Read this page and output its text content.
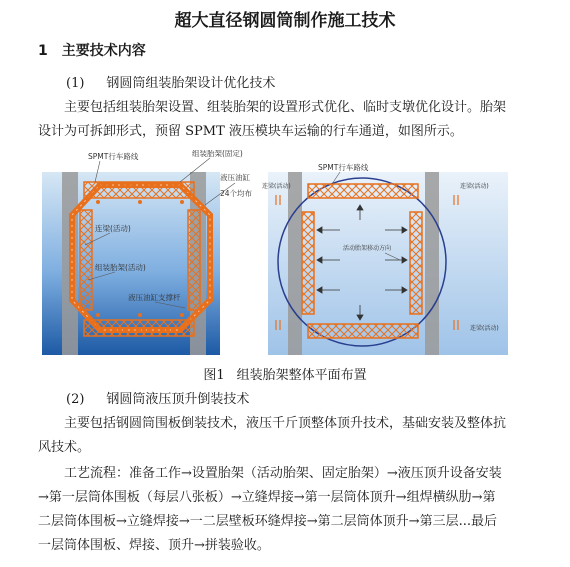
超大直径钢圆筒制作施工技术
1 主要技术内容
(1) 钢圆筒组装胎架设计优化技术
主要包括组装胎架设置、组装胎架的设置形式优化、临时支墩优化设计。胎架设计为可拆卸形式，预留 SPMT 液压模块车运输的行车通道，如图所示。
SPMT行车路线	组装胎架(固定)
液压油缸
24个均布
连梁(活动)
组装胎架(活动)
液压油缸支撑杆
SPMT行车路线
连梁(活动)	连梁(活动)
活动胎架移动方向
连梁(活动)
图1 组装胎架整体平面布置
(2) 钢圆筒液压顶升倒装技术
主要包括钢圆筒围板倒装技术，液压千斤顶整体顶升技术，基础安装及整体抗风技术。
工艺流程：准备工作→设置胎架（活动胎架、固定胎架）→液压顶升设备安装→第一层筒体围板（每层八张板）→立缝焊接→第一层筒体顶升→组焊横纵肋→第二层筒体围板→立缝焊接→一二层壁板环缝焊接→第二层筒体顶升→第三层...最后一层筒体围板、焊接、顶升→拼装验收。
